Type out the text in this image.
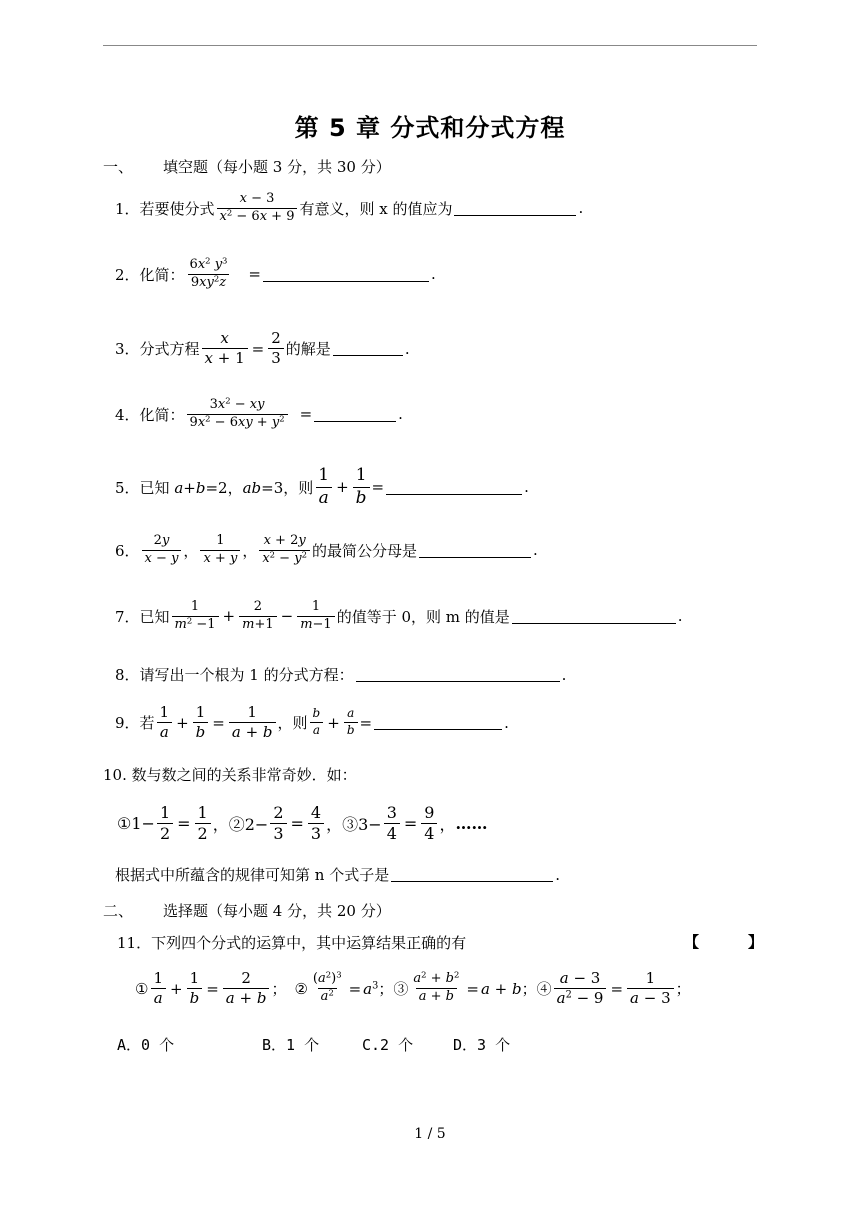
第 5 章 分式和分式方程
一、 填空题（每小题 3 分，共 30 分）
1．若要使分式 $\frac{x - 3}{x^2 - 6x + 9}$ 有意义，则 x 的值应为	.
2．化简： $\frac{6x^2 y^3}{9xy^2z}$ =	.
3．分式方程 $\frac{x}{x + 1} = \frac{2}{3}$ 的解是	.
4．化简： $\frac{3x^2 - xy}{9x^2 - 6xy + y^2}$ =	.
5．已知 a+b=2，ab=3，则 $\frac{1}{a} + \frac{1}{b}$ =	.
6． $\frac{2y}{x - y}$ ， $\frac{1}{x + y}$ ， $\frac{x + 2y}{x^2 - y^2}$ 的最简公分母是	.
7．已知 $\frac{1}{m^2 -1} + \frac{2}{m+1} - \frac{1}{m-1}$ 的值等于 0，则 m 的值是	.
8．请写出一个根为 1 的分式方程：	.
9．若 $\frac{1}{a} + \frac{1}{b} = \frac{1}{a + b}$ ，则 $\frac{b}{a} + \frac{a}{b}$ =	.
10. 数与数之间的关系非常奇妙．如：
①1− $\frac{1}{2} = \frac{1}{2}$ ，②2− $\frac{2}{3} = \frac{4}{3}$ ，③3− $\frac{3}{4} = \frac{9}{4}$ ， ……
根据式中所蕴含的规律可知第 n 个式子是	.
二、 选择题（每小题 4 分，共 20 分）
11．下列四个分式的运算中，其中运算结果正确的有	【	】
① $\frac{1}{a} + \frac{1}{b} = \frac{2}{a + b}$ ； ② $\frac{(a^2)^3}{a^2} = a^3$；③ $\frac{a^2 + b^2}{a + b} = a + b$；④ $\frac{a - 3}{a^2 - 9} = \frac{1}{a - 3}$ ；
A．0 个	B．1 个	C.2 个	D．3 个
1 / 5
